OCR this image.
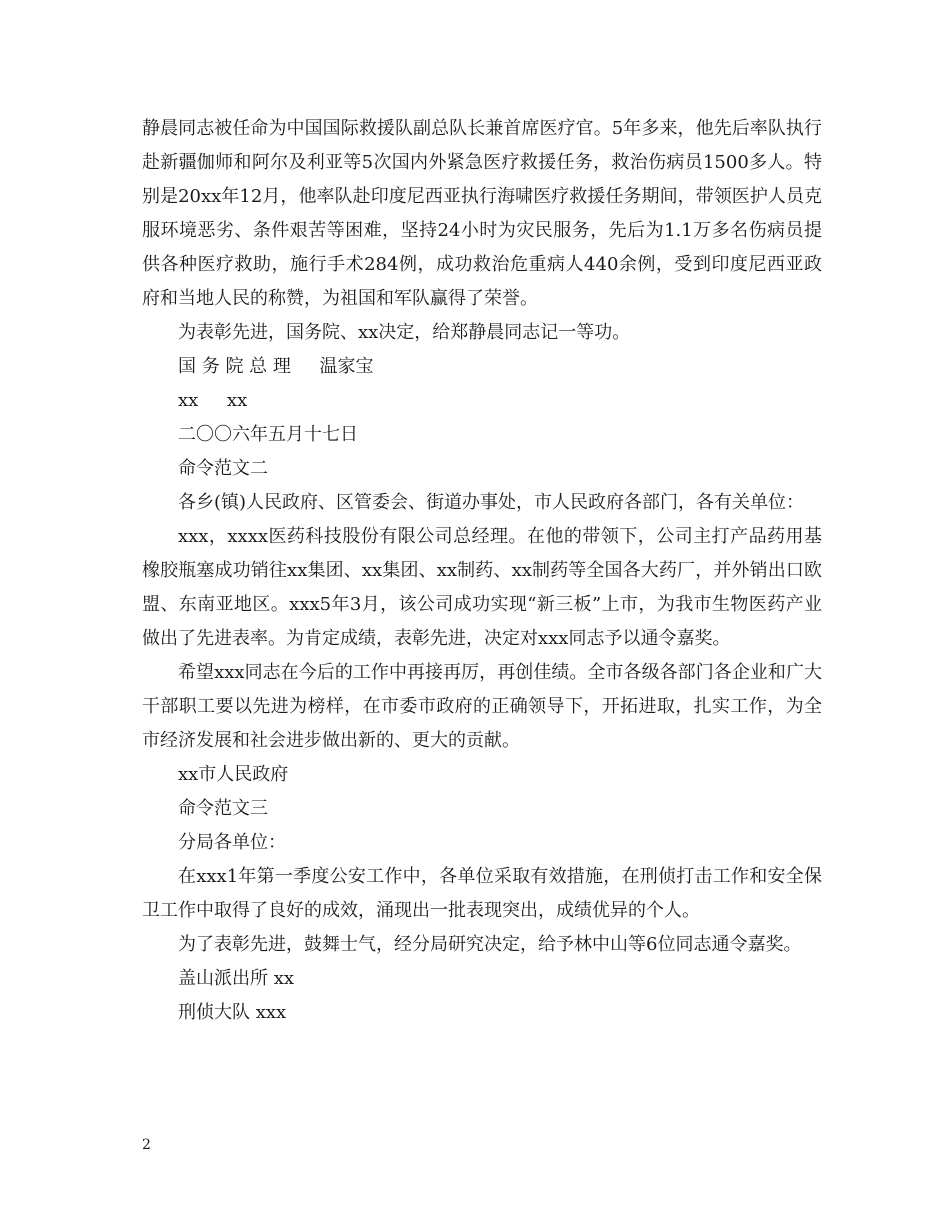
静晨同志被任命为中国国际救援队副总队长兼首席医疗官。5年多来，他先后率队执行赴新疆伽师和阿尔及利亚等5次国内外紧急医疗救援任务，救治伤病员1500多人。特别是20xx年12月，他率队赴印度尼西亚执行海啸医疗救援任务期间，带领医护人员克服环境恶劣、条件艰苦等困难，坚持24小时为灾民服务，先后为1.1万多名伤病员提供各种医疗救助，施行手术284例，成功救治危重病人440余例，受到印度尼西亚政府和当地人民的称赞，为祖国和军队赢得了荣誉。

为表彰先进，国务院、xx决定，给郑静晨同志记一等功。

国 务 院 总 理     温家宝

xx     xx

二〇〇六年五月十七日

命令范文二

各乡(镇)人民政府、区管委会、街道办事处，市人民政府各部门，各有关单位：

xxx，xxxx医药科技股份有限公司总经理。在他的带领下，公司主打产品药用基橡胶瓶塞成功销往xx集团、xx集团、xx制药、xx制药等全国各大药厂，并外销出口欧盟、东南亚地区。xxx5年3月，该公司成功实现“新三板”上市，为我市生物医药产业做出了先进表率。为肯定成绩，表彰先进，决定对xxx同志予以通令嘉奖。

希望xxx同志在今后的工作中再接再厉，再创佳绩。全市各级各部门各企业和广大干部职工要以先进为榜样，在市委市政府的正确领导下，开拓进取，扎实工作，为全市经济发展和社会进步做出新的、更大的贡献。

xx市人民政府

命令范文三

分局各单位：

在xxx1年第一季度公安工作中，各单位采取有效措施，在刑侦打击工作和安全保卫工作中取得了良好的成效，涌现出一批表现突出，成绩优异的个人。

为了表彰先进，鼓舞士气，经分局研究决定，给予林中山等6位同志通令嘉奖。

盖山派出所 xx

刑侦大队 xxx

2
